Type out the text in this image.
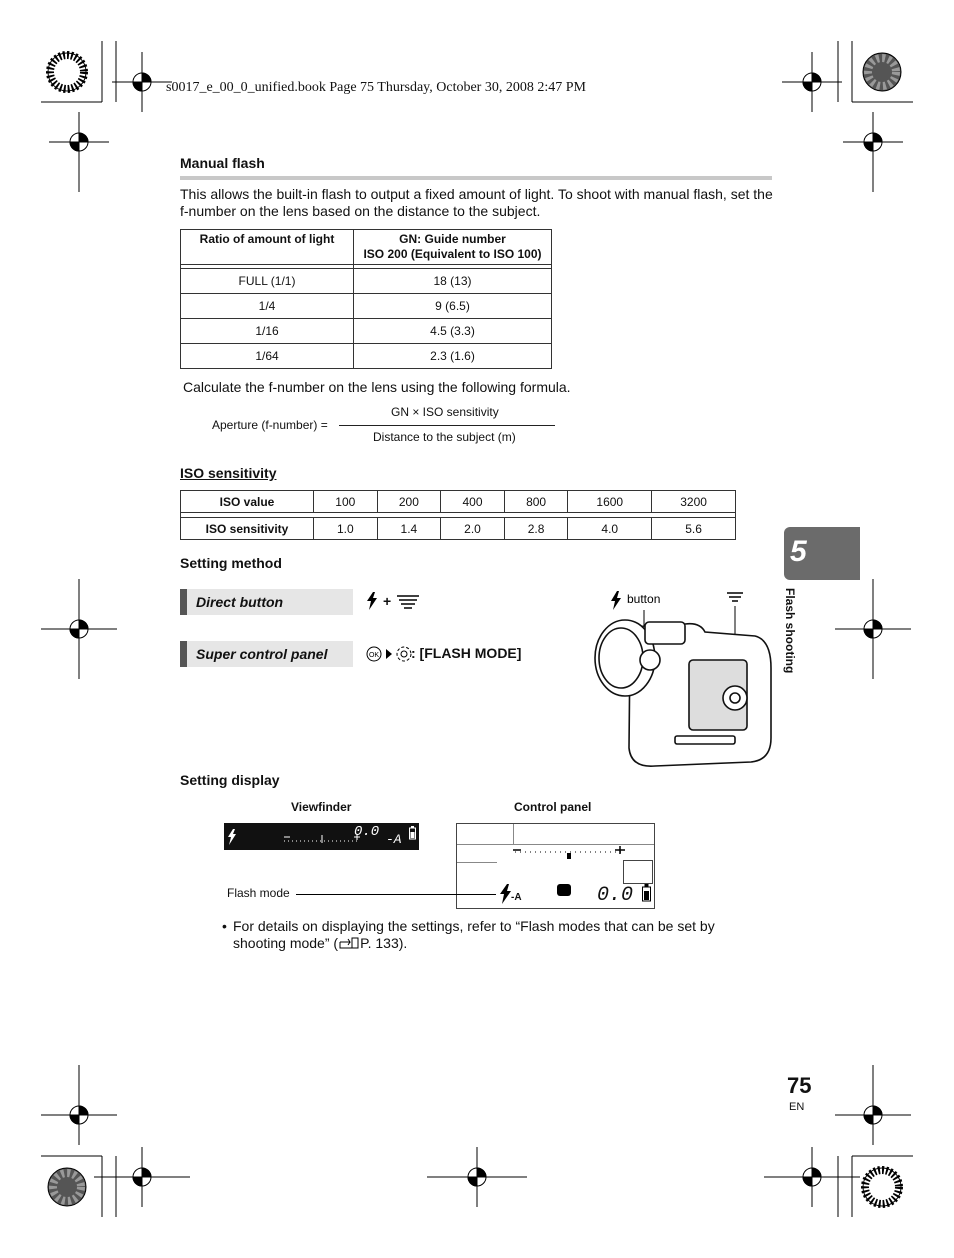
s0017_e_00_0_unified.book Page 75 Thursday, October 30, 2008 2:47 PM
Manual flash
This allows the built-in flash to output a fixed amount of light. To shoot with manual flash, set the f-number on the lens based on the distance to the subject.
Ratio of amount of light	GN: Guide number
ISO 200 (Equivalent to ISO 100)

FULL (1/1)	18 (13)
1/4	9 (6.5)
1/16	4.5 (3.3)
1/64	2.3 (1.6)
Calculate the f-number on the lens using the following formula.
Aperture (f-number) =
GN × ISO sensitivity
Distance to the subject (m)
ISO sensitivity
ISO value	100	200	400	800	1600	3200

ISO sensitivity	1.0	1.4	2.0	2.8	4.0	5.6
Setting method
Direct button	+
Super control panel	OK : [FLASH MODE]
button
Setting display
Viewfinder	Control panel
0.0 -A
-A	0.0
Flash mode
• For details on displaying the settings, refer to “Flash modes that can be set by shooting mode” ( P. 133).
5
Flash shooting
75
EN
